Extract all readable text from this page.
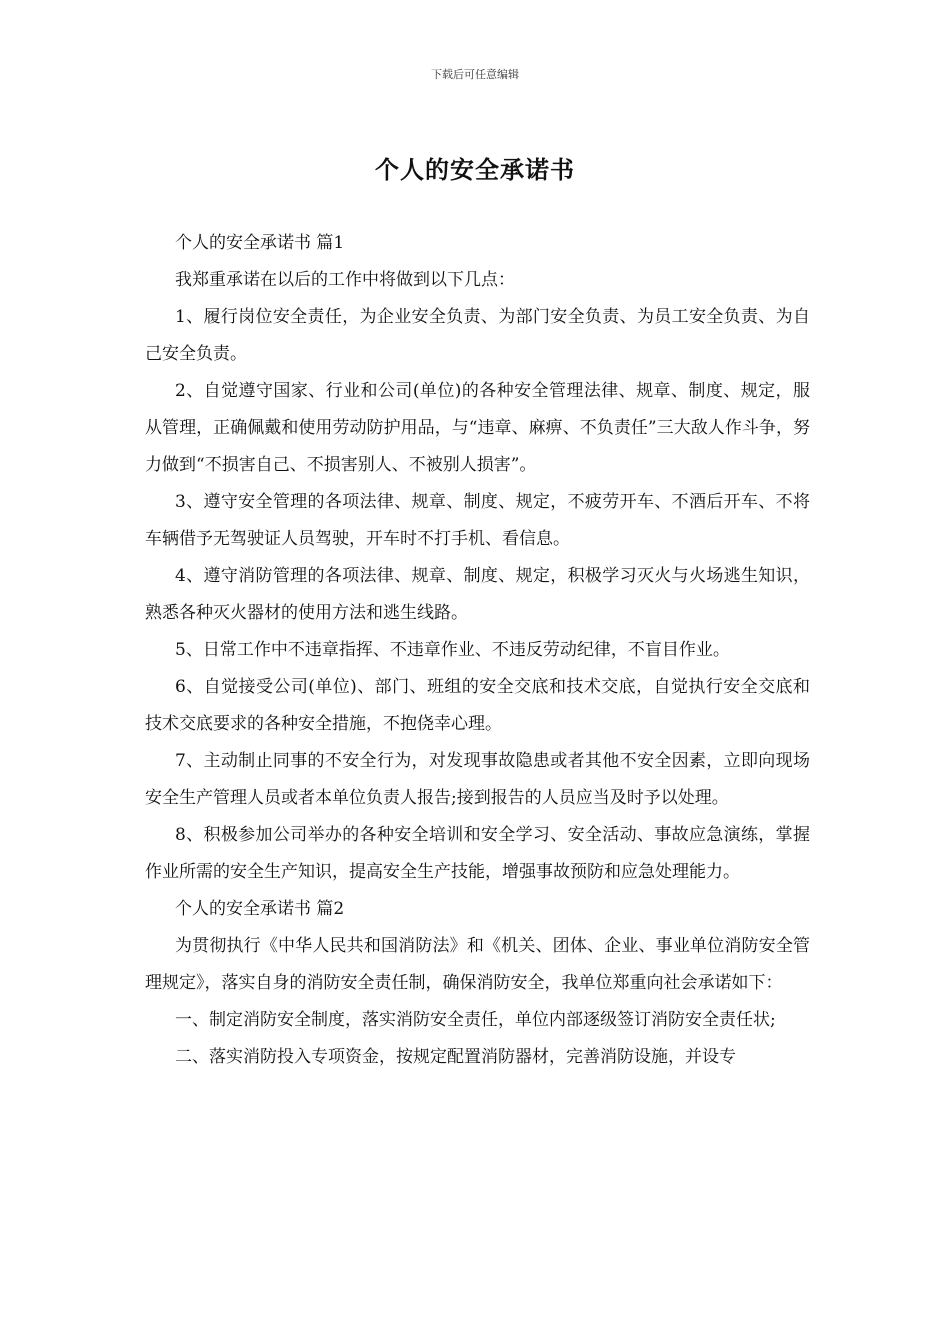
下载后可任意编辑
个人的安全承诺书

个人的安全承诺书 篇1

我郑重承诺在以后的工作中将做到以下几点：

1、履行岗位安全责任，为企业安全负责、为部门安全负责、为员工安全负责、为自己安全负责。

2、自觉遵守国家、行业和公司(单位)的各种安全管理法律、规章、制度、规定，服从管理，正确佩戴和使用劳动防护用品，与“违章、麻痹、不负责任”三大敌人作斗争，努力做到“不损害自己、不损害别人、不被别人损害”。

3、遵守安全管理的各项法律、规章、制度、规定，不疲劳开车、不酒后开车、不将车辆借予无驾驶证人员驾驶，开车时不打手机、看信息。

4、遵守消防管理的各项法律、规章、制度、规定，积极学习灭火与火场逃生知识，熟悉各种灭火器材的使用方法和逃生线路。

5、日常工作中不违章指挥、不违章作业、不违反劳动纪律，不盲目作业。

6、自觉接受公司(单位)、部门、班组的安全交底和技术交底，自觉执行安全交底和技术交底要求的各种安全措施，不抱侥幸心理。

7、主动制止同事的不安全行为，对发现事故隐患或者其他不安全因素，立即向现场安全生产管理人员或者本单位负责人报告;接到报告的人员应当及时予以处理。

8、积极参加公司举办的各种安全培训和安全学习、安全活动、事故应急演练，掌握作业所需的安全生产知识，提高安全生产技能，增强事故预防和应急处理能力。

个人的安全承诺书 篇2

为贯彻执行《中华人民共和国消防法》和《机关、团体、企业、事业单位消防安全管理规定》，落实自身的消防安全责任制，确保消防安全，我单位郑重向社会承诺如下：

一、制定消防安全制度，落实消防安全责任，单位内部逐级签订消防安全责任状;

二、落实消防投入专项资金，按规定配置消防器材，完善消防设施，并设专
